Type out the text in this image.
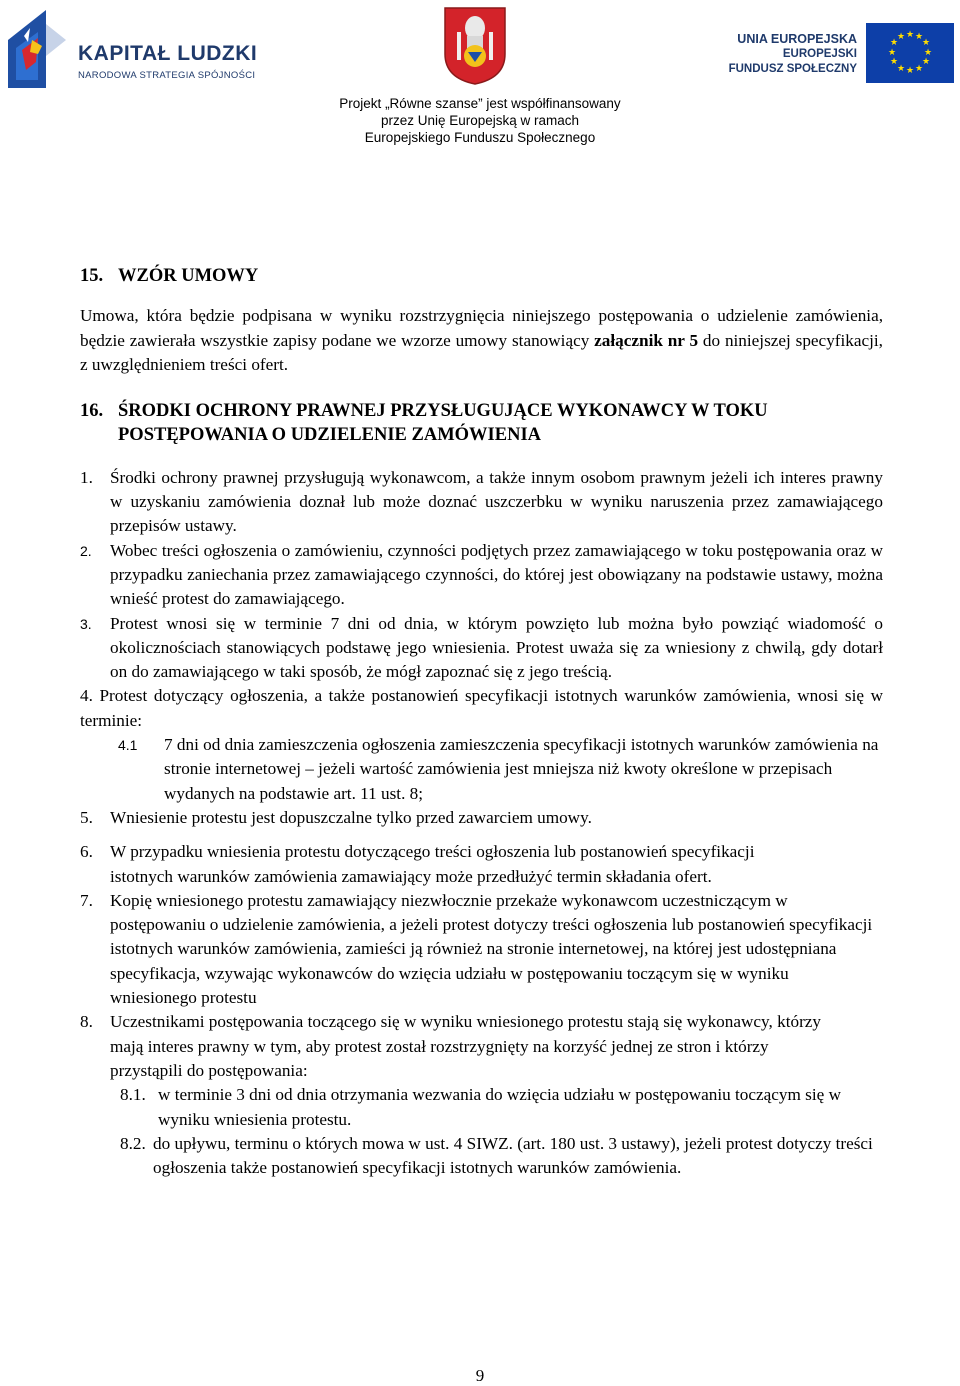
KAPITAŁ LUDZKI
NARODOWA STRATEGIA SPÓJNOŚCI
UNIA EUROPEJSKA
EUROPEJSKI
FUNDUSZ SPOŁECZNY
★ ★
★
★
★
★
★
★
★
★
★
★
Projekt „Równe szanse” jest współfinansowany
przez Unię Europejską w ramach
Europejskiego Funduszu Społecznego
15. WZÓR UMOWY

Umowa, która będzie podpisana w wyniku rozstrzygnięcia niniejszego postępowania o udzielenie zamówienia, będzie zawierała wszystkie zapisy podane we wzorze umowy stanowiący załącznik nr 5 do niniejszej specyfikacji, z uwzględnieniem treści ofert.

16. ŚRODKI OCHRONY PRAWNEJ PRZYSŁUGUJĄCE WYKONAWCY W TOKU
POSTĘPOWANIA O UDZIELENIE ZAMÓWIENIA
1. Środki ochrony prawnej przysługują wykonawcom, a także innym osobom prawnym jeżeli ich interes prawny w uzyskaniu zamówienia doznał lub może doznać uszczerbku w wyniku naruszenia przez zamawiającego przepisów ustawy.
2. Wobec treści ogłoszenia o zamówieniu, czynności podjętych przez zamawiającego w toku postępowania oraz w przypadku zaniechania przez zamawiającego czynności, do której jest obowiązany na podstawie ustawy, można wnieść protest do zamawiającego.
3. Protest wnosi się w terminie 7 dni od dnia, w którym powzięto lub można było powziąć wiadomość o okolicznościach stanowiących podstawę jego wniesienia. Protest uważa się za wniesiony z chwilą, gdy dotarł on do zamawiającego w taki sposób, że mógł zapoznać się z jego treścią.
4. Protest dotyczący ogłoszenia, a także postanowień specyfikacji istotnych warunków zamówienia, wnosi się w terminie:
4.1 7 dni od dnia zamieszczenia ogłoszenia zamieszczenia specyfikacji istotnych warunków zamówienia na stronie internetowej – jeżeli wartość zamówienia jest mniejsza niż kwoty określone w przepisach wydanych na podstawie art. 11 ust. 8;
5. Wniesienie protestu jest dopuszczalne tylko przed zawarciem umowy.
6. W przypadku wniesienia protestu dotyczącego treści ogłoszenia lub postanowień specyfikacji istotnych warunków zamówienia zamawiający może przedłużyć termin składania ofert.
7. Kopię wniesionego protestu zamawiający niezwłocznie przekaże wykonawcom uczestniczącym w postępowaniu o udzielenie zamówienia, a jeżeli protest dotyczy treści ogłoszenia lub postanowień specyfikacji istotnych warunków zamówienia, zamieści ją również na stronie internetowej, na której jest udostępniana specyfikacja, wzywając wykonawców do wzięcia udziału w postępowaniu toczącym się w wyniku wniesionego protestu
8. Uczestnikami postępowania toczącego się w wyniku wniesionego protestu stają się wykonawcy, którzy mają interes prawny w tym, aby protest został rozstrzygnięty na korzyść jednej ze stron i którzy przystąpili do postępowania:
8.1. w terminie 3 dni od dnia otrzymania wezwania do wzięcia udziału w postępowaniu toczącym się w wyniku wniesienia protestu.
8.2. do upływu, terminu o których mowa w ust. 4 SIWZ. (art. 180 ust. 3 ustawy), jeżeli protest dotyczy treści ogłoszenia także postanowień specyfikacji istotnych warunków zamówienia.
9
